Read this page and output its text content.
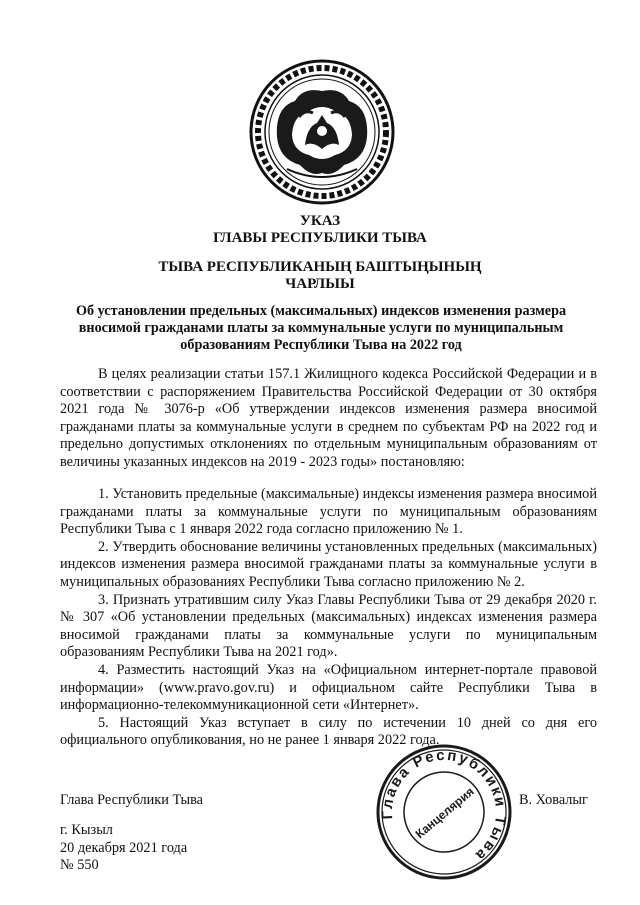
УКАЗ
ГЛАВЫ РЕСПУБЛИКИ ТЫВА
ТЫВА РЕСПУБЛИКАНЫҢ БАШТЫҢЫНЫҢ
ЧАРЛЫЫ
Об установлении предельных (максимальных) индексов изменения размера вносимой гражданами платы за коммунальные услуги по муниципальным образованиям Республики Тыва на 2022 год

В целях реализации статьи 157.1 Жилищного кодекса Российской Федерации и в соответствии с распоряжением Правительства Российской Федерации от 30 октября 2021 года № 3076-р «Об утверждении индексов изменения размера вносимой гражданами платы за коммунальные услуги в среднем по субъектам РФ на 2022 год и предельно допустимых отклонениях по отдельным муниципальным образованиям от величины указанных индексов на 2019 - 2023 годы» постановляю:

1. Установить предельные (максимальные) индексы изменения размера вносимой гражданами платы за коммунальные услуги по муниципальным образованиям Республики Тыва с 1 января 2022 года согласно приложению № 1.

2. Утвердить обоснование величины установленных предельных (максимальных) индексов изменения размера вносимой гражданами платы за коммунальные услуги в муниципальных образованиях Республики Тыва согласно приложению № 2.

3. Признать утратившим силу Указ Главы Республики Тыва от 29 декабря 2020 г. № 307 «Об установлении предельных (максимальных) индексах изменения размера вносимой гражданами платы за коммунальные услуги по муниципальным образованиям Республики Тыва на 2021 год».

4. Разместить настоящий Указ на «Официальном интернет-портале правовой информации» (www.pravo.gov.ru) и официальном сайте Республики Тыва в информационно-телекоммуникационной сети «Интернет».

5. Настоящий Указ вступает в силу по истечении 10 дней со дня его официального опубликования, но не ранее 1 января 2022 года.

Глава Республики Тыва	В. Ховалыг
г. Кызыл
20 декабря 2021 года
№ 550
Глава Республики Тыва
Канцелярия
